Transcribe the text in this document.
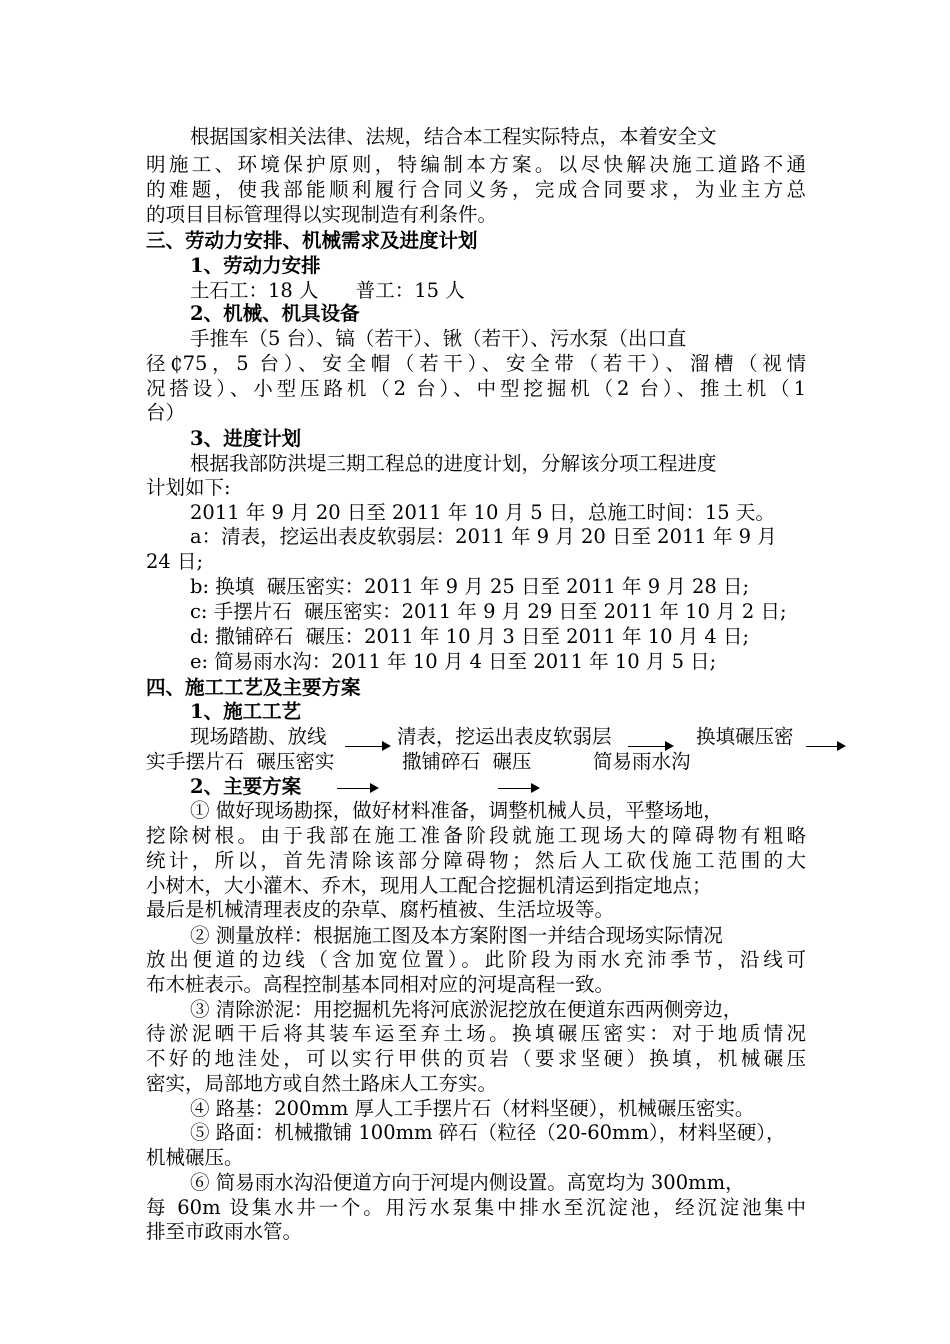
根据国家相关法律、法规，结合本工程实际特点，本着安全文
明施工、环境保护原则，特编制本方案。以尽快解决施工道路不通
的难题，使我部能顺利履行合同义务，完成合同要求，为业主方总
的项目目标管理得以实现制造有利条件。
三、劳动力安排、机械需求及进度计划
1、劳动力安排
土石工：18 人      普工：15 人
2、机械、机具设备
手推车（5 台）、镐（若干）、锹（若干）、污水泵（出口直
径₵75，5 台）、安全帽（若干）、安全带（若干）、溜槽（视情
况搭设）、小型压路机（2 台）、中型挖掘机（2 台）、推土机（1
台）
3、进度计划
根据我部防洪堤三期工程总的进度计划，分解该分项工程进度
计划如下:
2011 年 9 月 20 日至 2011 年 10 月 5 日，总施工时间：15 天。
a：清表，挖运出表皮软弱层：2011 年 9 月 20 日至 2011 年 9 月
24 日;
b: 换填  碾压密实：2011 年 9 月 25 日至 2011 年 9 月 28 日;
c: 手摆片石  碾压密实：2011 年 9 月 29 日至 2011 年 10 月 2 日;
d: 撒铺碎石  碾压：2011 年 10 月 3 日至 2011 年 10 月 4 日;
e: 简易雨水沟：2011 年 10 月 4 日至 2011 年 10 月 5 日;
四、施工工艺及主要方案
1、施工工艺
现场踏勘、放线	清表，挖运出表皮软弱层	换填碾压密
实 手摆片石  碾压密实	撒铺碎石  碾压	简易雨水沟
2、主要方案
① 做好现场勘探，做好材料准备，调整机械人员，平整场地，
挖除树根。由于我部在施工准备阶段就施工现场大的障碍物有粗略
统计，所以，首先清除该部分障碍物；然后人工砍伐施工范围的大
小树木，大小灌木、乔木，现用人工配合挖掘机清运到指定地点；
最后是机械清理表皮的杂草、腐朽植被、生活垃圾等。
② 测量放样：根据施工图及本方案附图一并结合现场实际情况
放出便道的边线（含加宽位置）。此阶段为雨水充沛季节，沿线可
布木桩表示。高程控制基本同相对应的河堤高程一致。
③ 清除淤泥：用挖掘机先将河底淤泥挖放在便道东西两侧旁边，
待淤泥晒干后将其装车运至弃土场。换填碾压密实：对于地质情况
不好的地洼处，可以实行甲供的页岩（要求坚硬）换填，机械碾压
密实，局部地方或自然土路床人工夯实。
④ 路基：200mm 厚人工手摆片石（材料坚硬），机械碾压密实。
⑤ 路面：机械撒铺 100mm 碎石（粒径（20-60mm），材料坚硬），
机械碾压。
⑥ 简易雨水沟沿便道方向于河堤内侧设置。高宽均为 300mm，
每 60m 设集水井一个。用污水泵集中排水至沉淀池，经沉淀池集中
排至市政雨水管。
